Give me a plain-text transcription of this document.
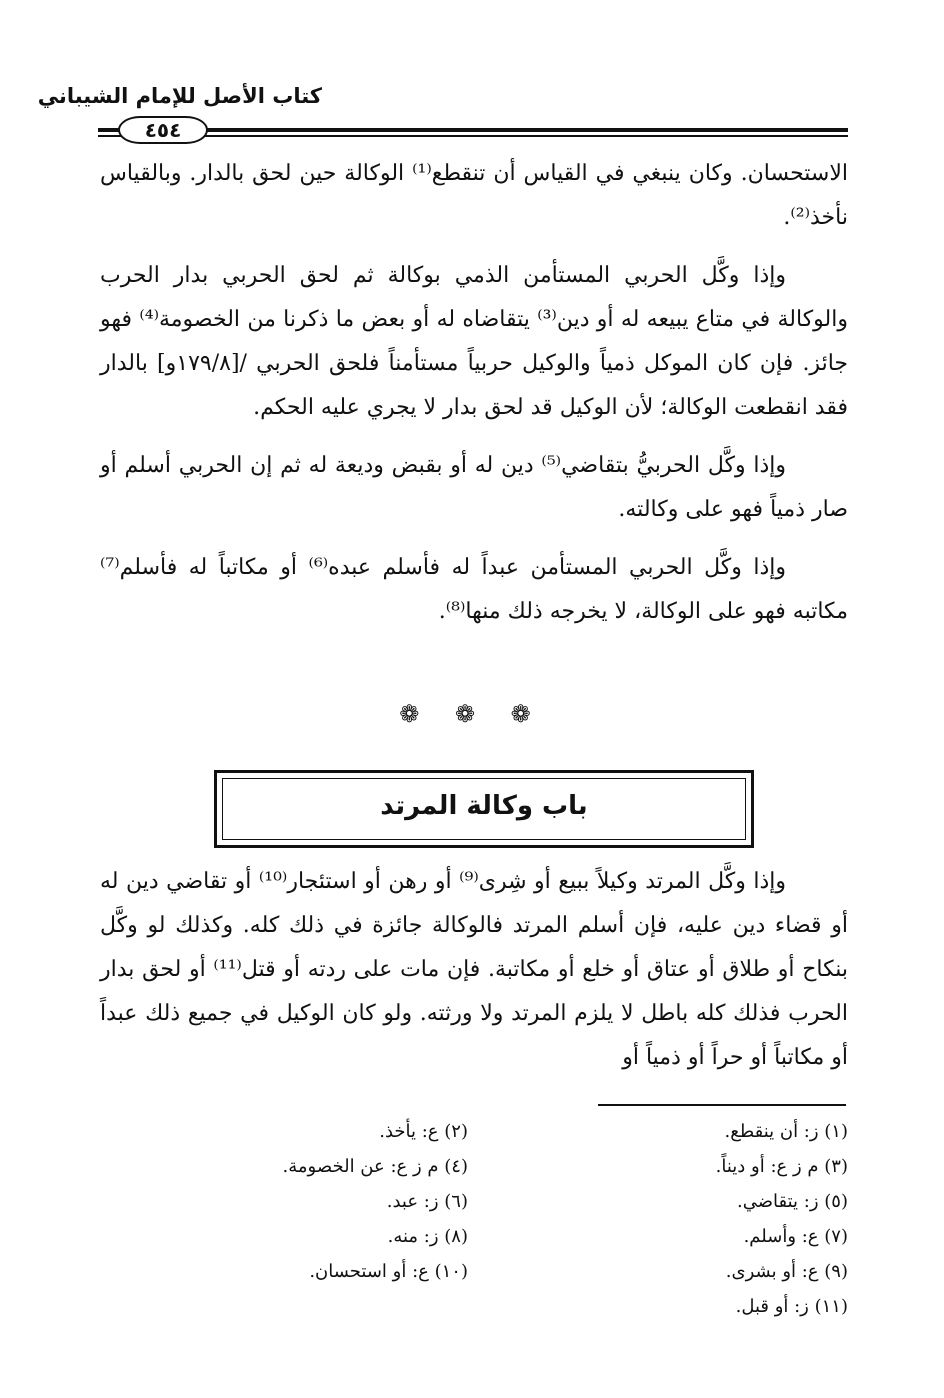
كتاب الأصل للإمام الشيباني
٤٥٤

الاستحسان. وكان ينبغي في القياس أن تنقطع⁽¹⁾ الوكالة حين لحق بالدار. وبالقياس نأخذ⁽²⁾.

وإذا وكَّل الحربي المستأمن الذمي بوكالة ثم لحق الحربي بدار الحرب والوكالة في متاع يبيعه له أو دين⁽³⁾ يتقاضاه له أو بعض ما ذكرنا من الخصومة⁽⁴⁾ فهو جائز. فإن كان الموكل ذمياً والوكيل حربياً مستأمناً فلحق الحربي /[١٧٩/٨و] بالدار فقد انقطعت الوكالة؛ لأن الوكيل قد لحق بدار لا يجري عليه الحكم.

وإذا وكَّل الحربيُّ بتقاضي⁽⁵⁾ دين له أو بقبض وديعة له ثم إن الحربي أسلم أو صار ذمياً فهو على وكالته.

وإذا وكَّل الحربي المستأمن عبداً له فأسلم عبده⁽⁶⁾ أو مكاتباً له فأسلم⁽⁷⁾ مكاتبه فهو على الوكالة، لا يخرجه ذلك منها⁽⁸⁾.

❁ ❁ ❁
باب وكالة المرتد

وإذا وكَّل المرتد وكيلاً ببيع أو شِرى⁽⁹⁾ أو رهن أو استئجار⁽¹⁰⁾ أو تقاضي دين له أو قضاء دين عليه، فإن أسلم المرتد فالوكالة جائزة في ذلك كله. وكذلك لو وكَّل بنكاح أو طلاق أو عتاق أو خلع أو مكاتبة. فإن مات على ردته أو قتل⁽¹¹⁾ أو لحق بدار الحرب فذلك كله باطل لا يلزم المرتد ولا ورثته. ولو كان الوكيل في جميع ذلك عبداً أو مكاتباً أو حراً أو ذمياً أو

(١) ز: أن ينقطع.
(٢) ع: يأخذ.
(٣) م ز ع: أو ديناً.
(٤) م ز ع: عن الخصومة.
(٥) ز: يتقاضي.
(٦) ز: عبد.
(٧) ع: وأسلم.
(٨) ز: منه.
(٩) ع: أو بشرى.
(١٠) ع: أو استحسان.
(١١) ز: أو قبل.
